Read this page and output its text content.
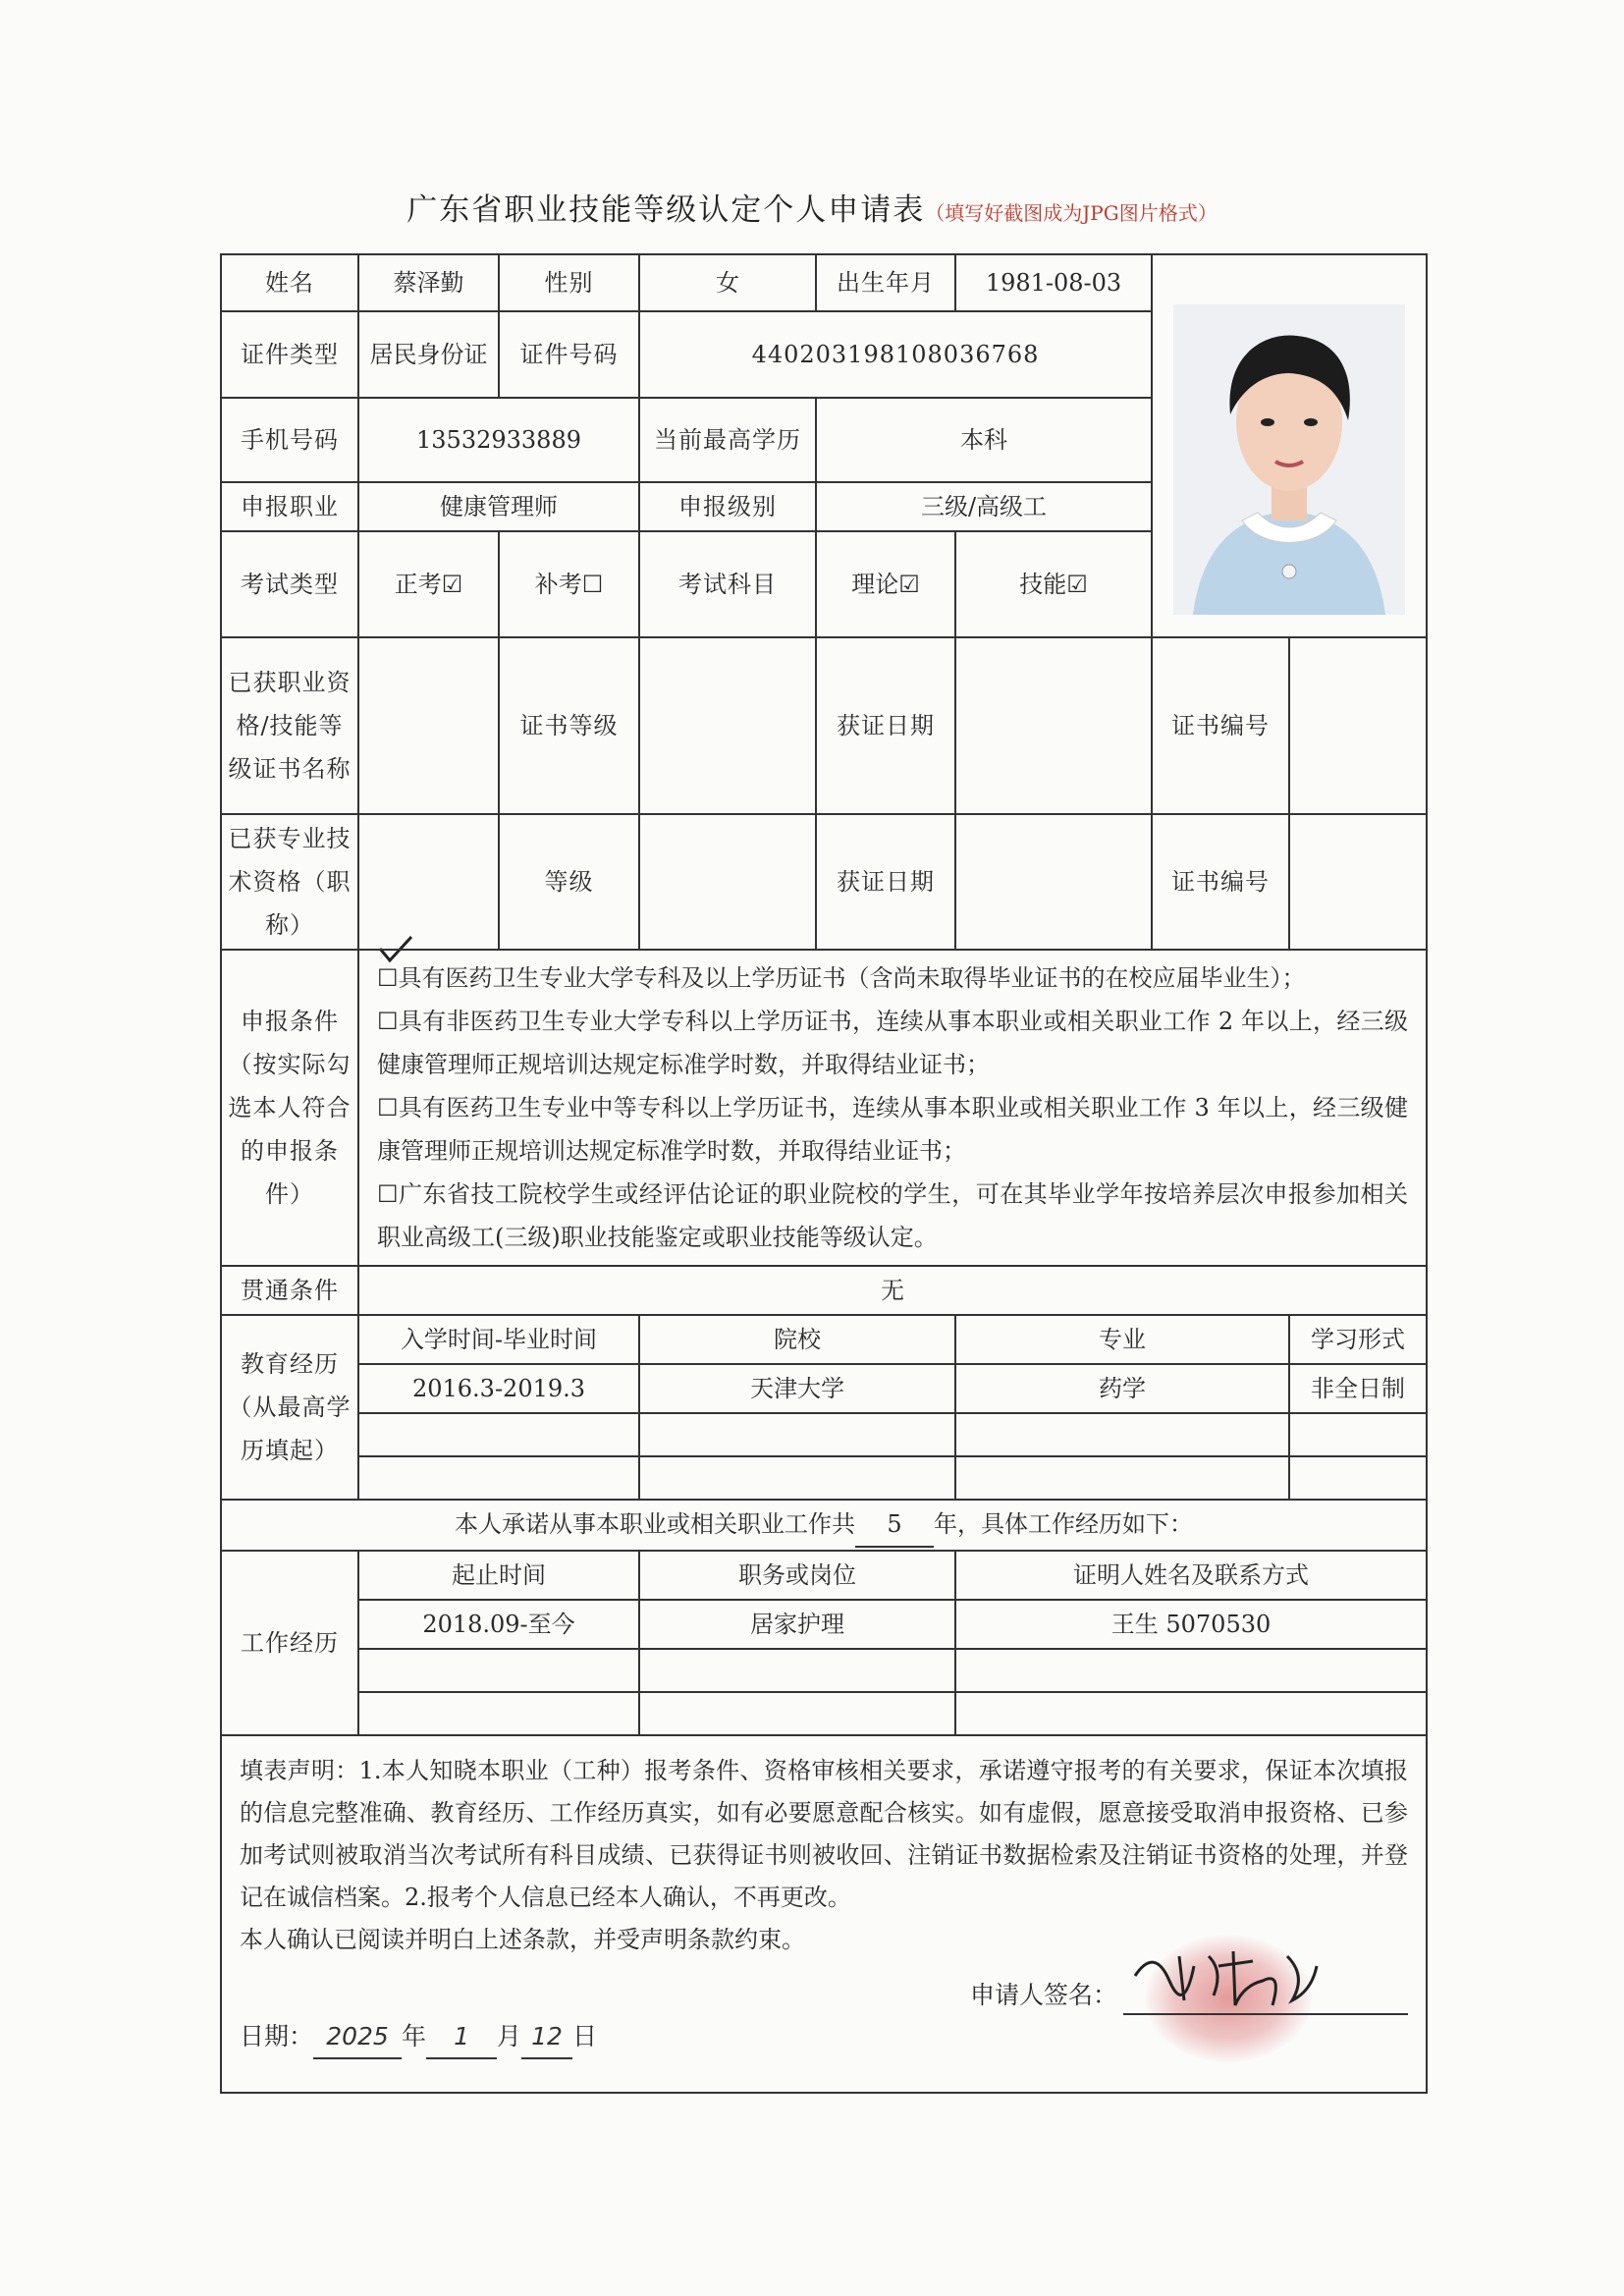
广东省职业技能等级认定个人申请表（填写好截图成为JPG图片格式）
姓名	蔡泽勤	性别	女	出生年月	1981-08-03	

证件类型	居民身份证	证件号码	440203198108036768				
手机号码	13532933889		当前最高学历	本科			
申报职业	健康管理师		申报级别	三级/高级工			
考试类型	正考☑	补考☐	考试科目	理论☑	技能☑		
已获职业资格/技能等级证书名称		证书等级		获证日期		证书编号	
已获专业技术资格（职称）		等级		获证日期		证书编号	
申报条件（按实际勾选本人符合的申报条件）	☐具有医药卫生专业大学专科及以上学历证书（含尚未取得毕业证书的在校应届毕业生）；

☐具有非医药卫生专业大学专科以上学历证书，连续从事本职业或相关职业工作 2 年以上，经三级健康管理师正规培训达规定标准学时数，并取得结业证书；

☐具有医药卫生专业中等专科以上学历证书，连续从事本职业或相关职业工作 3 年以上，经三级健康管理师正规培训达规定标准学时数，并取得结业证书；

☐广东省技工院校学生或经评估论证的职业院校的学生，可在其毕业学年按培养层次申报参加相关职业高级工(三级)职业技能鉴定或职业技能等级认定。						

贯通条件	无						
教育经历（从最高学历填起）	入学时间-毕业时间		院校		专业		学习形式
	2016.3-2019.3		天津大学		药学		非全日制

本人承诺从事本职业或相关职业工作共 5 年，具体工作经历如下：							
工作经历	起止时间		职务或岗位		证明人姓名及联系方式		
	2018.09-至今		居家护理		王生 5070530		

填表声明：1.本人知晓本职业（工种）报考条件、资格审核相关要求，承诺遵守报考的有关要求，保证本次填报的信息完整准确、教育经历、工作经历真实，如有必要愿意配合核实。如有虚假，愿意接受取消申报资格、已参加考试则被取消当次考试所有科目成绩、已获得证书则被收回、注销证书数据检索及注销证书资格的处理，并登记在诚信档案。2.报考个人信息已经本人确认，不再更改。

本人确认已阅读并明白上述条款，并受声明条款约束。

申请人签名：
日期： 2025 年 1 月 12 日							
